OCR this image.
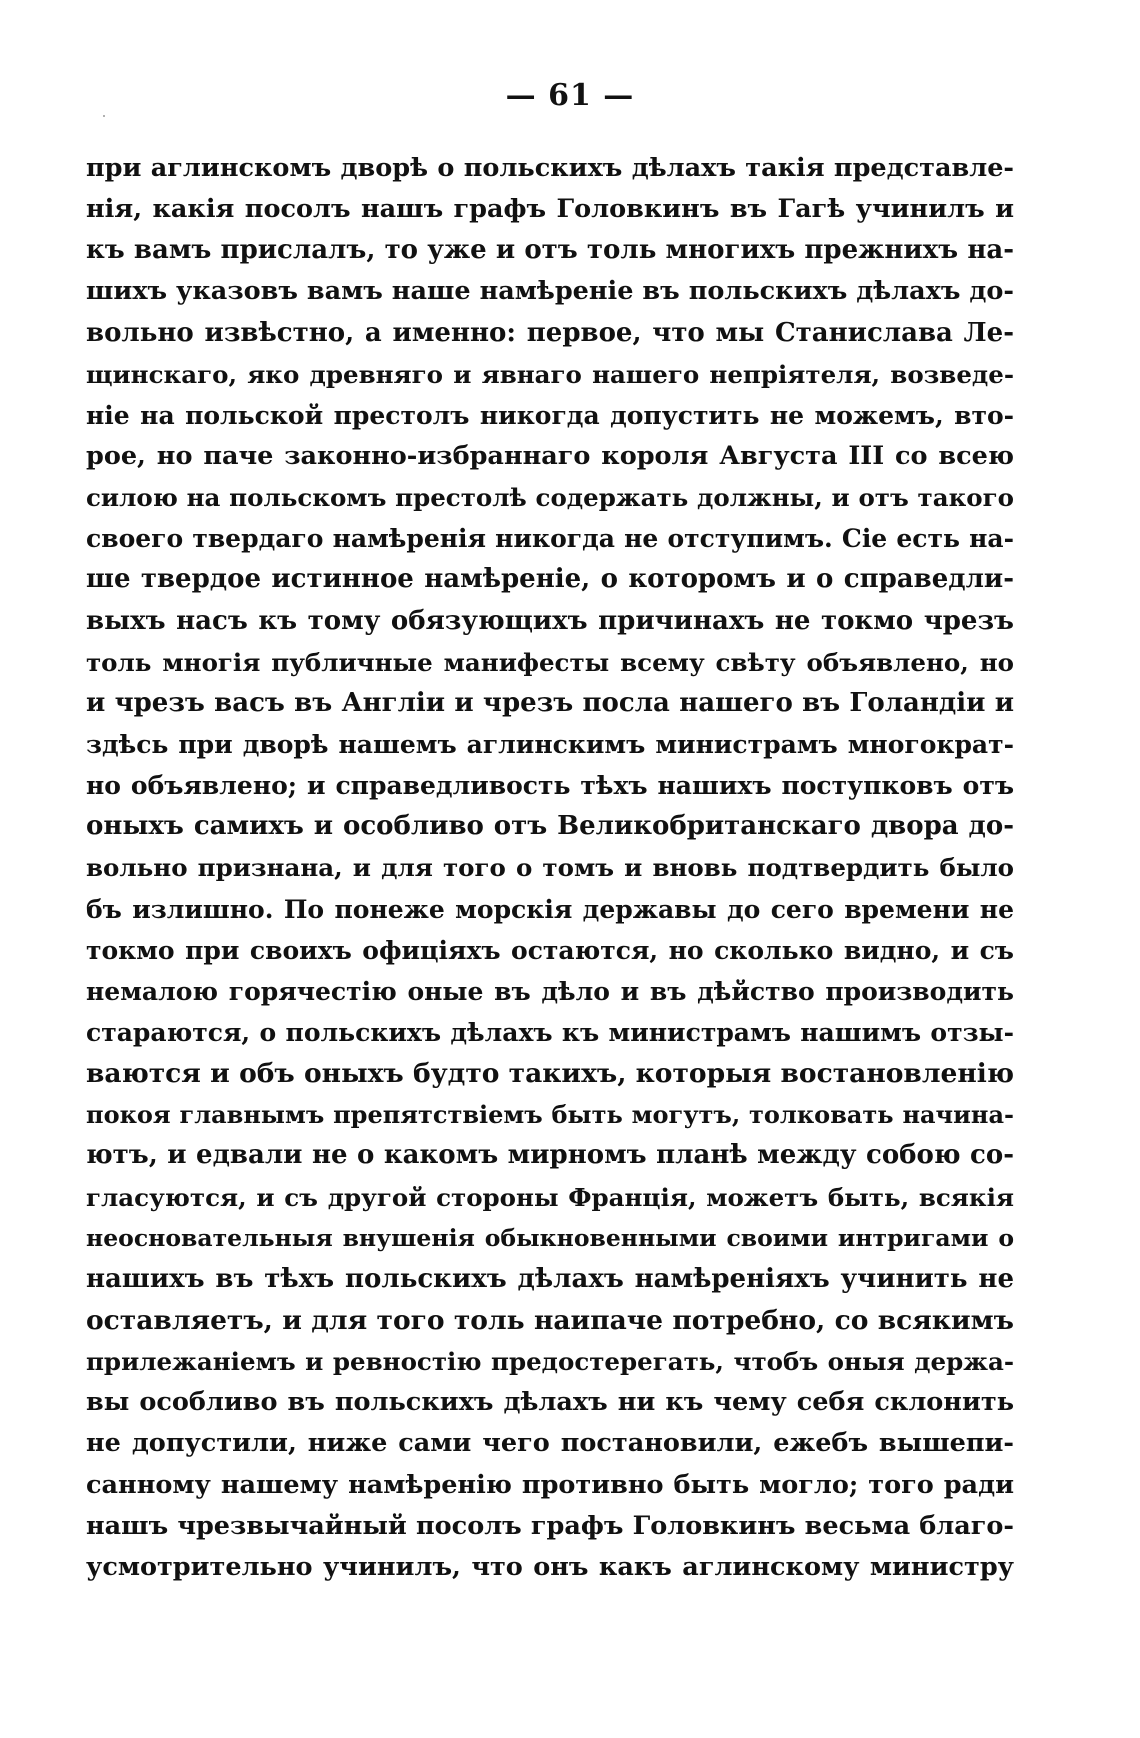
— 61 —
при аглинскомъ дворѣ о польскихъ дѣлахъ такія представле-
нія, какія посолъ нашъ графъ Головкинъ въ Гагѣ учинилъ и
къ вамъ прислалъ, то уже и отъ толь многихъ прежнихъ на-
шихъ указовъ вамъ наше намѣреніе въ польскихъ дѣлахъ до-
вольно извѣстно, а именно: первое, что мы Станислава Ле-
щинскаго, яко древняго и явнаго нашего непріятеля, возведе-
ніе на польской престолъ никогда допустить не можемъ, вто-
рое, но паче законно-избраннаго короля Августа III со всею
силою на польскомъ престолѣ содержать должны, и отъ такого
своего твердаго намѣренія никогда не отступимъ. Сіе есть на-
ше твердое истинное намѣреніе, о которомъ и о справедли-
выхъ насъ къ тому обязующихъ причинахъ не токмо чрезъ
толь многія публичные манифесты всему свѣту объявлено, но
и чрезъ васъ въ Англіи и чрезъ посла нашего въ Голандіи и
здѣсь при дворѣ нашемъ аглинскимъ министрамъ многократ-
но объявлено; и справедливость тѣхъ нашихъ поступковъ отъ
оныхъ самихъ и особливо отъ Великобританскаго двора до-
вольно признана, и для того о томъ и вновь подтвердить было
бъ излишно. По понеже морскія державы до сего времени не
токмо при своихъ офиціяхъ остаются, но сколько видно, и съ
немалою горячестію оные въ дѣло и въ дѣйство производить
стараются, о польскихъ дѣлахъ къ министрамъ нашимъ отзы-
ваются и объ оныхъ будто такихъ, которыя востановленію
покоя главнымъ препятствіемъ быть могутъ, толковать начина-
ютъ, и едвали не о какомъ мирномъ планѣ между собою со-
гласуются, и съ другой стороны Франція, можетъ быть, всякія
неосновательныя внушенія обыкновенными своими интригами о
нашихъ въ тѣхъ польскихъ дѣлахъ намѣреніяхъ учинить не
оставляетъ, и для того толь наипаче потребно, со всякимъ
прилежаніемъ и ревностію предостерегать, чтобъ оныя держа-
вы особливо въ польскихъ дѣлахъ ни къ чему себя склонить
не допустили, ниже сами чего постановили, ежебъ вышепи-
санному нашему намѣренію противно быть могло; того ради
нашъ чрезвычайный посолъ графъ Головкинъ весьма благо-
усмотрительно учинилъ, что онъ какъ аглинскому министру
